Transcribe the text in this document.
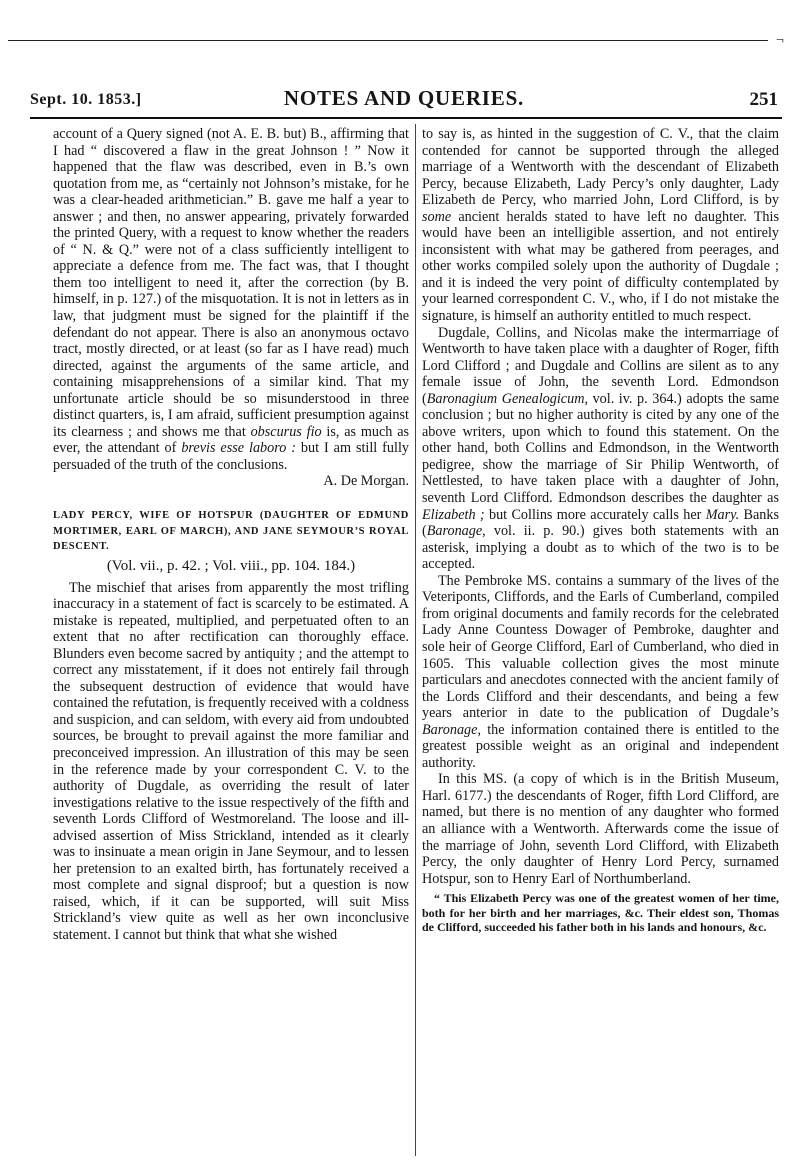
¬
Sept. 10. 1853.]	NOTES AND QUERIES.	251

account of a Query signed (not A. E. B. but) B., affirming that I had “ discovered a flaw in the great Johnson ! ” Now it happened that the flaw was described, even in B.’s own quotation from me, as “certainly not Johnson’s mistake, for he was a clear-headed arithmetician.” B. gave me half a year to answer ; and then, no answer appearing, privately forwarded the printed Query, with a request to know whether the readers of “ N. & Q.” were not of a class sufficiently intelligent to appreciate a defence from me. The fact was, that I thought them too intelligent to need it, after the correction (by B. himself, in p. 127.) of the misquotation. It is not in letters as in law, that judgment must be signed for the plaintiff if the defendant do not appear. There is also an anonymous octavo tract, mostly directed, or at least (so far as I have read) much directed, against the arguments of the same article, and containing misapprehensions of a similar kind. That my unfortunate article should be so misunderstood in three distinct quarters, is, I am afraid, sufficient presumption against its clearness ; and shows me that obscurus fio is, as much as ever, the attendant of brevis esse laboro : but I am still fully persuaded of the truth of the conclusions.
A. De Morgan.

LADY PERCY, WIFE OF HOTSPUR (DAUGHTER OF EDMUND MORTIMER, EARL OF MARCH), AND JANE SEYMOUR’S ROYAL DESCENT.

(Vol. vii., p. 42. ; Vol. viii., pp. 104. 184.)

The mischief that arises from apparently the most trifling inaccuracy in a statement of fact is scarcely to be estimated. A mistake is repeated, multiplied, and perpetuated often to an extent that no after rectification can thoroughly efface. Blunders even become sacred by antiquity ; and the attempt to correct any misstatement, if it does not entirely fail through the subsequent destruction of evidence that would have contained the refutation, is frequently received with a coldness and suspicion, and can seldom, with every aid from undoubted sources, be brought to prevail against the more familiar and preconceived impression. An illustration of this may be seen in the reference made by your correspondent C. V. to the authority of Dugdale, as overriding the result of later investigations relative to the issue respectively of the fifth and seventh Lords Clifford of Westmoreland. The loose and ill-advised assertion of Miss Strickland, intended as it clearly was to insinuate a mean origin in Jane Seymour, and to lessen her pretension to an exalted birth, has fortunately received a most complete and signal disproof; but a question is now raised, which, if it can be supported, will suit Miss Strickland’s view quite as well as her own inconclusive statement. I cannot but think that what she wished

to say is, as hinted in the suggestion of C. V., that the claim contended for cannot be supported through the alleged marriage of a Wentworth with the descendant of Elizabeth Percy, because Elizabeth, Lady Percy’s only daughter, Lady Elizabeth de Percy, who married John, Lord Clifford, is by some ancient heralds stated to have left no daughter. This would have been an intelligible assertion, and not entirely inconsistent with what may be gathered from peerages, and other works compiled solely upon the authority of Dugdale ; and it is indeed the very point of difficulty contemplated by your learned correspondent C. V., who, if I do not mistake the signature, is himself an authority entitled to much respect.

Dugdale, Collins, and Nicolas make the intermarriage of Wentworth to have taken place with a daughter of Roger, fifth Lord Clifford ; and Dugdale and Collins are silent as to any female issue of John, the seventh Lord. Edmondson (Baronagium Genealogicum, vol. iv. p. 364.) adopts the same conclusion ; but no higher authority is cited by any one of the above writers, upon which to found this statement. On the other hand, both Collins and Edmondson, in the Wentworth pedigree, show the marriage of Sir Philip Wentworth, of Nettlested, to have taken place with a daughter of John, seventh Lord Clifford. Edmondson describes the daughter as Elizabeth ; but Collins more accurately calls her Mary. Banks (Baronage, vol. ii. p. 90.) gives both statements with an asterisk, implying a doubt as to which of the two is to be accepted.

The Pembroke MS. contains a summary of the lives of the Veteriponts, Cliffords, and the Earls of Cumberland, compiled from original documents and family records for the celebrated Lady Anne Countess Dowager of Pembroke, daughter and sole heir of George Clifford, Earl of Cumberland, who died in 1605. This valuable collection gives the most minute particulars and anecdotes connected with the ancient family of the Lords Clifford and their descendants, and being a few years anterior in date to the publication of Dugdale’s Baronage, the information contained there is entitled to the greatest possible weight as an original and independent authority.

In this MS. (a copy of which is in the British Museum, Harl. 6177.) the descendants of Roger, fifth Lord Clifford, are named, but there is no mention of any daughter who formed an alliance with a Wentworth. Afterwards come the issue of the marriage of John, seventh Lord Clifford, with Elizabeth Percy, the only daughter of Henry Lord Percy, surnamed Hotspur, son to Henry Earl of Northumberland.

“ This Elizabeth Percy was one of the greatest women of her time, both for her birth and her marriages, &c. Their eldest son, Thomas de Clifford, succeeded his father both in his lands and honours, &c.
